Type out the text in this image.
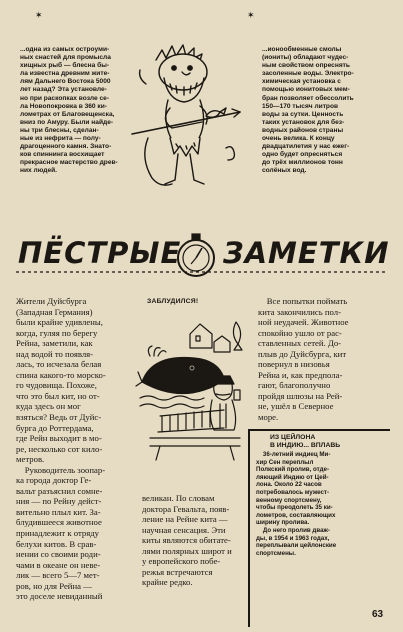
✶	✶
...одна из самых остроуми-
ных снастей для промысла
хищных рыб — блесна бы-
ла известна древним жите-
лям Дальнего Востока 5000
лет назад? Эта установле-
но при раскопках возле се-
ла Новопокровка в 360 ки-
лометрах от Благовещенска,
вниз по Амуру. Были найде-
ны три блесны, сделан-
ные из нефрита — полу-
драгоценного камня. Знато-
ков спиннинга восхищает
прекрасное мастерство древ-
них людей.
...ионообменные смолы
(иониты) обладают чудес-
ным свойством опреснять
засоленные воды. Электро-
химическая установка с
помощью ионитовых мем-
бран позволяет обессолить
150—170 тысяч литров
воды за сутки. Ценность
таких установок для без-
водных районов страны
очень велика. К концу
двадцатилетия у нас ежег-
одно будет опресняться
до трёх миллионов тонн
солёных вод.
ПЁСТРЫЕ ЗАМЕТКИ
Жители Дуйсбурга
(Западная Германия)
были крайне удивлены,
когда, гуляя по берегу
Рейна, заметили, как
над водой то появля-
лась, то исчезала белая
спина какого-то морско-
го чудовища. Похоже,
что это был кит, но от-
куда здесь он мог
взяться? Ведь от Дуйс-
бурга до Роттердама,
где Рейн выходит в мо-
ре, несколько сот кило-
метров.
Руководитель зоопар-
ка города доктор Ге-
вальт разъяснил сомне-
ния — по Рейну дейст-
вительно плыл кит. За-
блудившееся животное
принадлежит к отряду
белухи китов. В срав-
нении со своими роди-
чами в океане он неве-
лик — всего 5—7 мет-
ров, но для Рейна —
это доселе невиданный
ЗАБЛУДИЛСЯ!
великан. По словам
доктора Гевальта, появ-
ление на Рейне кита —
научная сенсация. Эти
киты являются обитате-
лями полярных широт и
у европейского побе-
режья встречаются
крайне редко.
Все попытки поймать
кита закончились пол-
ной неудачей. Животное
спокойно ушло от рас-
ставленных сетей. До-
плыв до Дуйсбурга, кит
повернул в низовья
Рейна и, как предпола-
гают, благополучно
пройдя шлюзы на Рей-
не, ушёл в Северное
море.
ИЗ ЦЕЙЛОНА
В ИНДИЮ... ВПЛАВЬ
36-летний индиец Ми-
хир Сен переплыл
Полкский пролив, отде-
ляющий Индию от Цей-
лона. Около 22 часов
потребовалось мужест-
венному спортсмену,
чтобы преодолеть 35 ки-
лометров, составляющих
ширину пролива.
До него пролив дваж-
ды, в 1954 и 1963 годах,
переплывали цейлонские
спортсмены.
63
